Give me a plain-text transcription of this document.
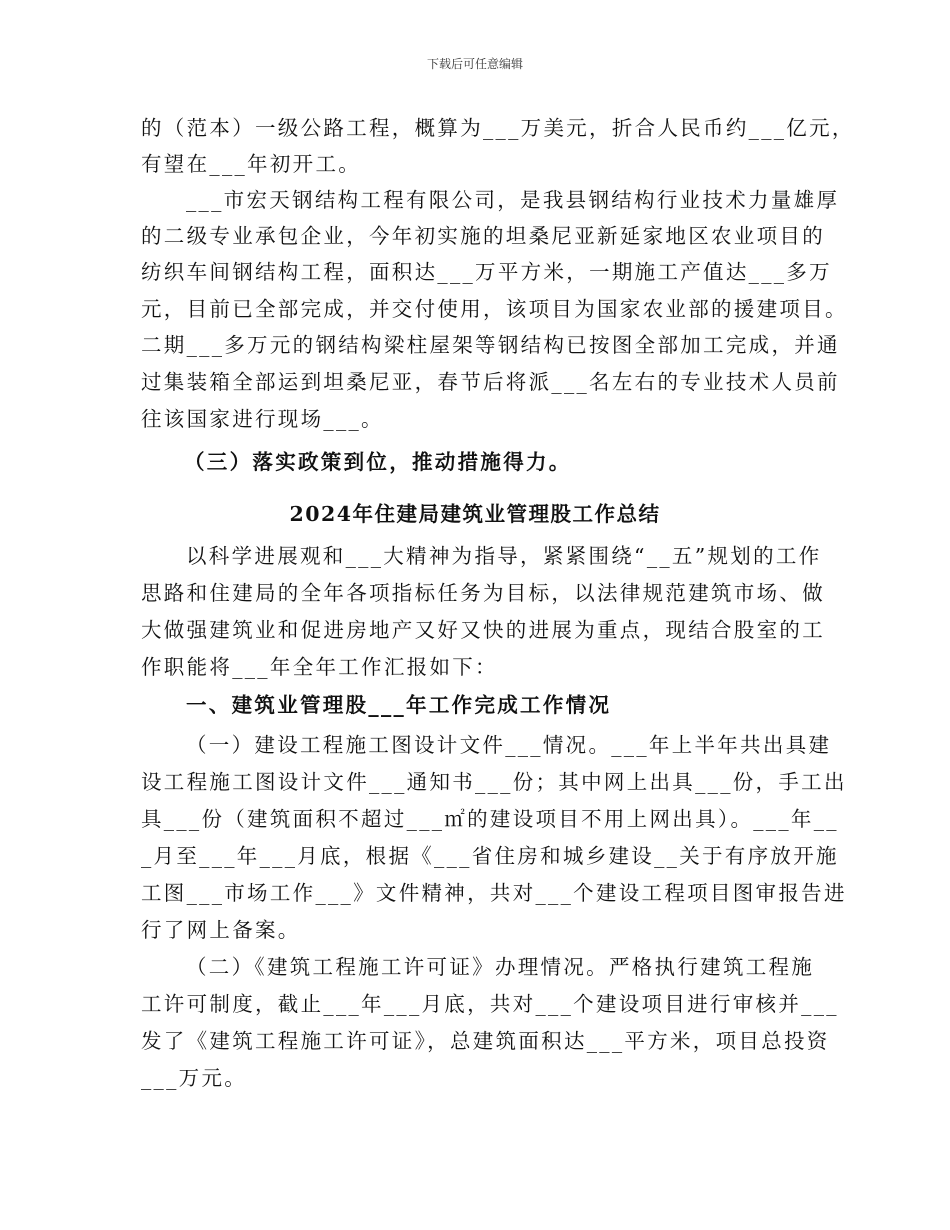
下载后可任意编辑
的（范本）一级公路工程，概算为___万美元，折合人民币约___亿元，
有望在___年初开工。
___市宏天钢结构工程有限公司，是我县钢结构行业技术力量雄厚
的二级专业承包企业，今年初实施的坦桑尼亚新延家地区农业项目的
纺织车间钢结构工程，面积达___万平方米，一期施工产值达___多万
元，目前已全部完成，并交付使用，该项目为国家农业部的援建项目。
二期___多万元的钢结构梁柱屋架等钢结构已按图全部加工完成，并通
过集装箱全部运到坦桑尼亚，春节后将派___名左右的专业技术人员前
往该国家进行现场___。
（三）落实政策到位，推动措施得力。
2024年住建局建筑业管理股工作总结
以科学进展观和___大精神为指导，紧紧围绕“__五”规划的工作
思路和住建局的全年各项指标任务为目标，以法律规范建筑市场、做
大做强建筑业和促进房地产又好又快的进展为重点，现结合股室的工
作职能将___年全年工作汇报如下：
一、建筑业管理股___年工作完成工作情况
（一）建设工程施工图设计文件___情况。___年上半年共出具建
设工程施工图设计文件___通知书___份；其中网上出具___份，手工出
具___份（建筑面积不超过___㎡的建设项目不用上网出具）。___年__
_月至___年___月底，根据《___省住房和城乡建设__关于有序放开施
工图___市场工作___》文件精神，共对___个建设工程项目图审报告进
行了网上备案。
（二）《建筑工程施工许可证》办理情况。严格执行建筑工程施
工许可制度，截止___年___月底，共对___个建设项目进行审核并___
发了《建筑工程施工许可证》，总建筑面积达___平方米，项目总投资
___万元。
